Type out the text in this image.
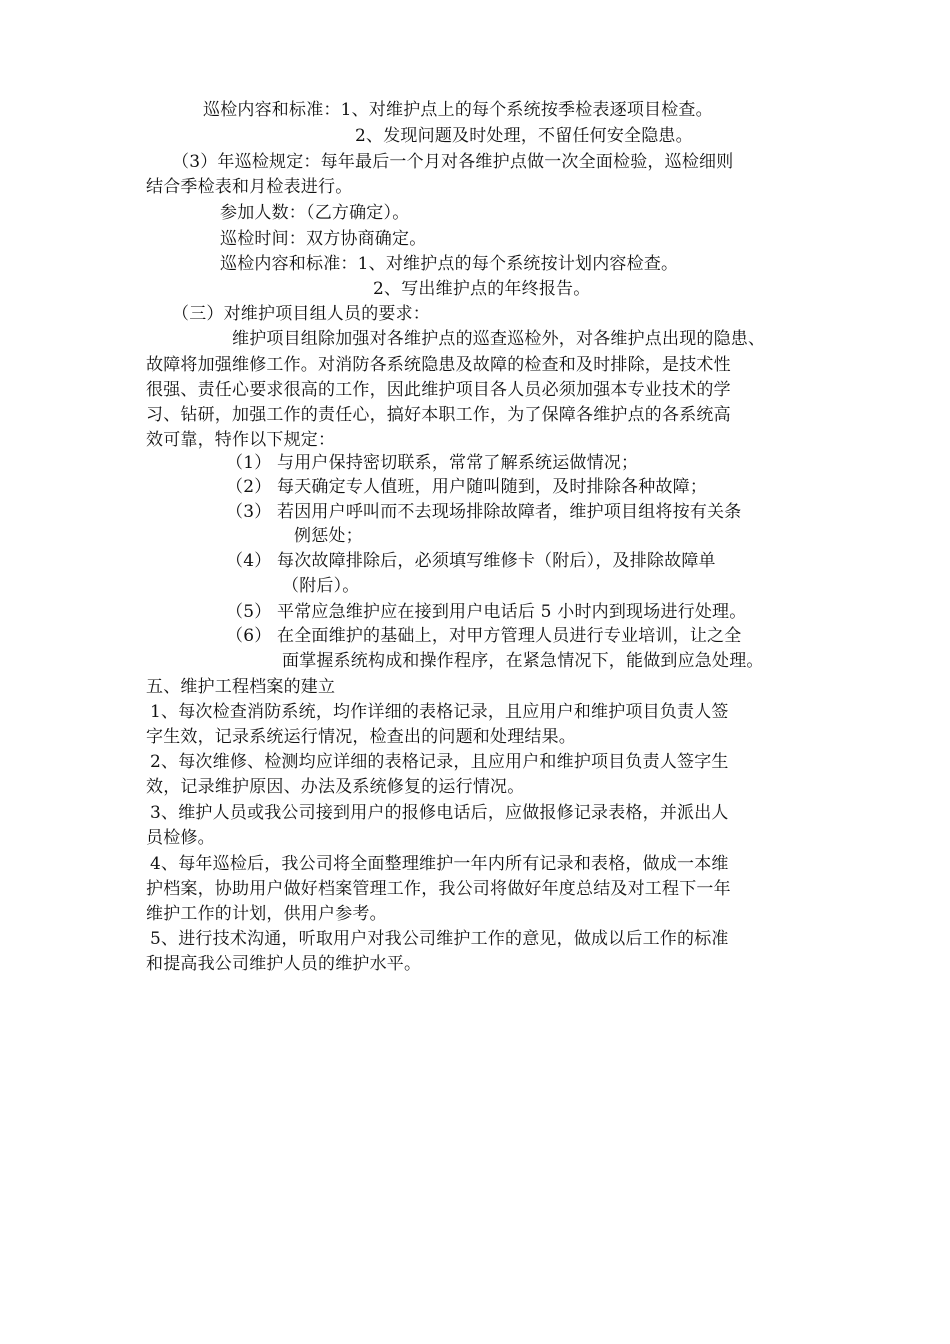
巡检内容和标准：1、对维护点上的每个系统按季检表逐项目检查。
2、发现问题及时处理，不留任何安全隐患。
（3）年巡检规定：每年最后一个月对各维护点做一次全面检验，巡检细则
结合季检表和月检表进行。
参加人数：（乙方确定）。
巡检时间：双方协商确定。
巡检内容和标准：1、对维护点的每个系统按计划内容检查。
2、写出维护点的年终报告。
（三）对维护项目组人员的要求：
维护项目组除加强对各维护点的巡查巡检外，对各维护点出现的隐患、
故障将加强维修工作。对消防各系统隐患及故障的检查和及时排除，是技术性
很强、责任心要求很高的工作，因此维护项目各人员必须加强本专业技术的学
习、钻研，加强工作的责任心，搞好本职工作，为了保障各维护点的各系统高
效可靠，特作以下规定：
（1） 与用户保持密切联系，常常了解系统运做情况；
（2） 每天确定专人值班，用户随叫随到，及时排除各种故障；
（3） 若因用户呼叫而不去现场排除故障者，维护项目组将按有关条
例惩处；
（4） 每次故障排除后，必须填写维修卡（附后），及排除故障单
（附后）。
（5） 平常应急维护应在接到用户电话后 5 小时内到现场进行处理。
（6） 在全面维护的基础上，对甲方管理人员进行专业培训，让之全
面掌握系统构成和操作程序，在紧急情况下，能做到应急处理。
五、维护工程档案的建立
1、每次检查消防系统，均作详细的表格记录，且应用户和维护项目负责人签
字生效，记录系统运行情况，检查出的问题和处理结果。
2、每次维修、检测均应详细的表格记录，且应用户和维护项目负责人签字生
效，记录维护原因、办法及系统修复的运行情况。
3、维护人员或我公司接到用户的报修电话后，应做报修记录表格，并派出人
员检修。
4、每年巡检后，我公司将全面整理维护一年内所有记录和表格，做成一本维
护档案，协助用户做好档案管理工作，我公司将做好年度总结及对工程下一年
维护工作的计划，供用户参考。
5、进行技术沟通，听取用户对我公司维护工作的意见，做成以后工作的标准
和提高我公司维护人员的维护水平。
